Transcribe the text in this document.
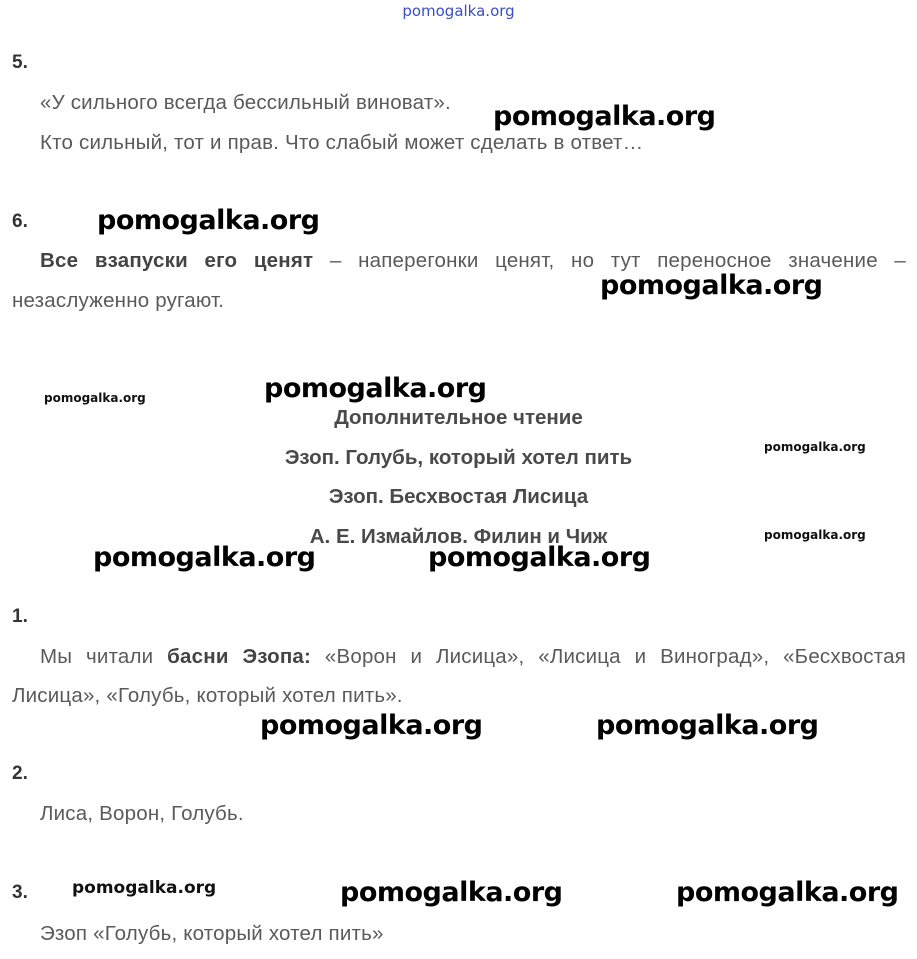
pomogalka.org
5.
«У сильного всегда бессильный виноват».
Кто сильный, тот и прав. Что слабый может сделать в ответ…
6.
Все взапуски его ценят – наперегонки ценят, но тут переносное значение –
незаслуженно ругают.
Дополнительное чтение
Эзоп. Голубь, который хотел пить
Эзоп. Бесхвостая Лисица
А. Е. Измайлов. Филин и Чиж
1.
Мы читали басни Эзопа: «Ворон и Лисица», «Лисица и Виноград», «Бесхвостая
Лисица», «Голубь, который хотел пить».
2.
Лиса, Ворон, Голубь.
3.
Эзоп «Голубь, который хотел пить»
pomogalka.org
pomogalka.org
pomogalka.org
pomogalka.org	pomogalka.org
pomogalka.org
pomogalka.org
pomogalka.org	pomogalka.org
pomogalka.org	pomogalka.org
pomogalka.org	pomogalka.org	pomogalka.org
